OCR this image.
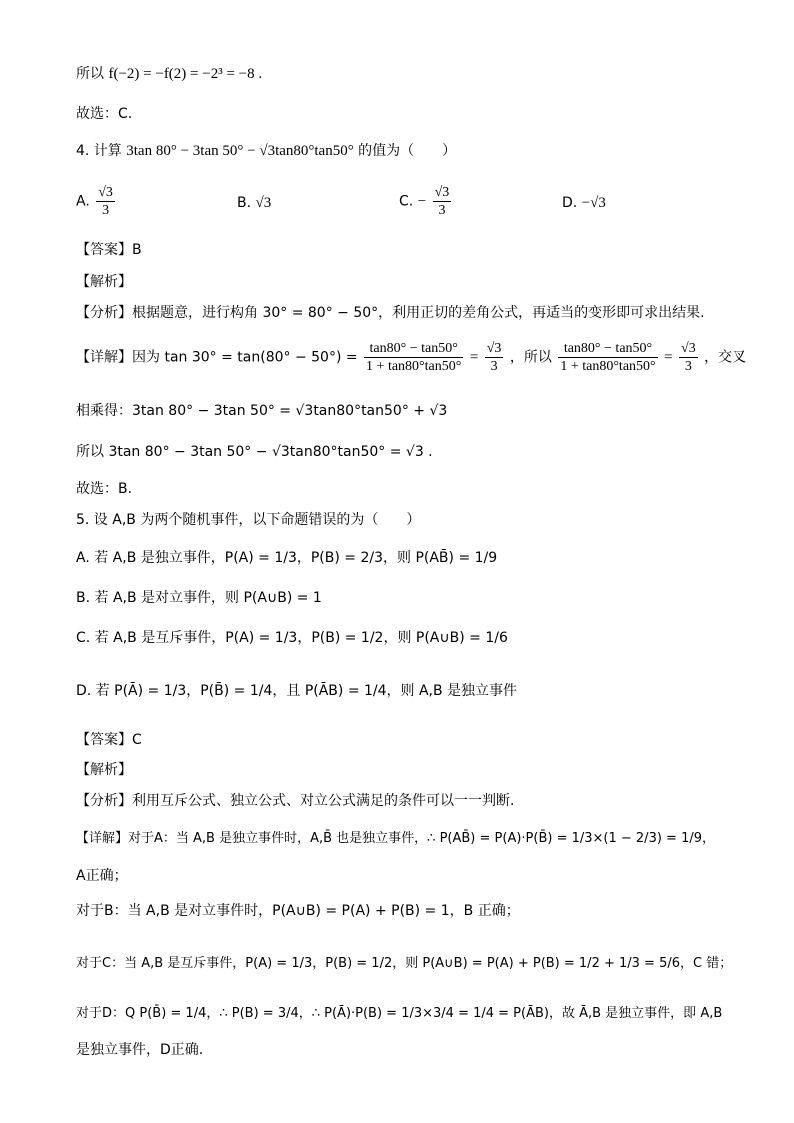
所以 f(−2) = −f(2) = −2³ = −8 .
故选：C.
4. 计算 3tan 80° − 3tan 50° − √3tan80°tan50° 的值为（　　）
A. $\frac{√3}{3}$	B. √3	C. − $\frac{√3}{3}$	D. −√3
【答案】B
【解析】
【分析】根据题意，进行构角 30° = 80° − 50°，利用正切的差角公式，再适当的变形即可求出结果.
【详解】因为 $\tan 30^\circ = \tan(80^\circ - 50^\circ) = \frac{\tan 80^\circ - \tan 50^\circ}{1 + \tan 80^\circ\tan 50^\circ} = \frac{√3}{3}$ ，所以 $\frac{\tan 80^\circ - \tan 50^\circ}{1 + \tan 80^\circ\tan 50^\circ} = \frac{√3}{3}$ ，交叉
相乘得：3tan 80° − 3tan 50° = √3tan80°tan50° + √3
所以 3tan 80° − 3tan 50° − √3tan80°tan50° = √3 .
故选：B.
5. 设 A,B 为两个随机事件，以下命题错误的为（　　）
A. 若 A,B 是独立事件，P(A) = 1/3，P(B) = 2/3，则 P(AB̄) = 1/9
B. 若 A,B 是对立事件，则 P(A∪B) = 1
C. 若 A,B 是互斥事件，P(A) = 1/3，P(B) = 1/2，则 P(A∪B) = 1/6
D. 若 P(Ā) = 1/3，P(B̄) = 1/4，且 P(ĀB) = 1/4，则 A,B 是独立事件
【答案】C
【解析】
【分析】利用互斥公式、独立公式、对立公式满足的条件可以一一判断.
【详解】对于A：当 A,B 是独立事件时，A,B̄ 也是独立事件，∴ P(AB̄) = P(A)·P(B̄) = 1/3×(1 − 2/3) = 1/9，
A正确；
对于B：当 A,B 是对立事件时，P(A∪B) = P(A) + P(B) = 1，B 正确；
对于C：当 A,B 是互斥事件，P(A) = 1/3，P(B) = 1/2，则 P(A∪B) = P(A) + P(B) = 1/2 + 1/3 = 5/6，C 错；
对于D：Q P(B̄) = 1/4，∴ P(B) = 3/4，∴ P(Ā)·P(B) = 1/3×3/4 = 1/4 = P(ĀB)，故 Ā,B 是独立事件，即 A,B
是独立事件，D正确.
